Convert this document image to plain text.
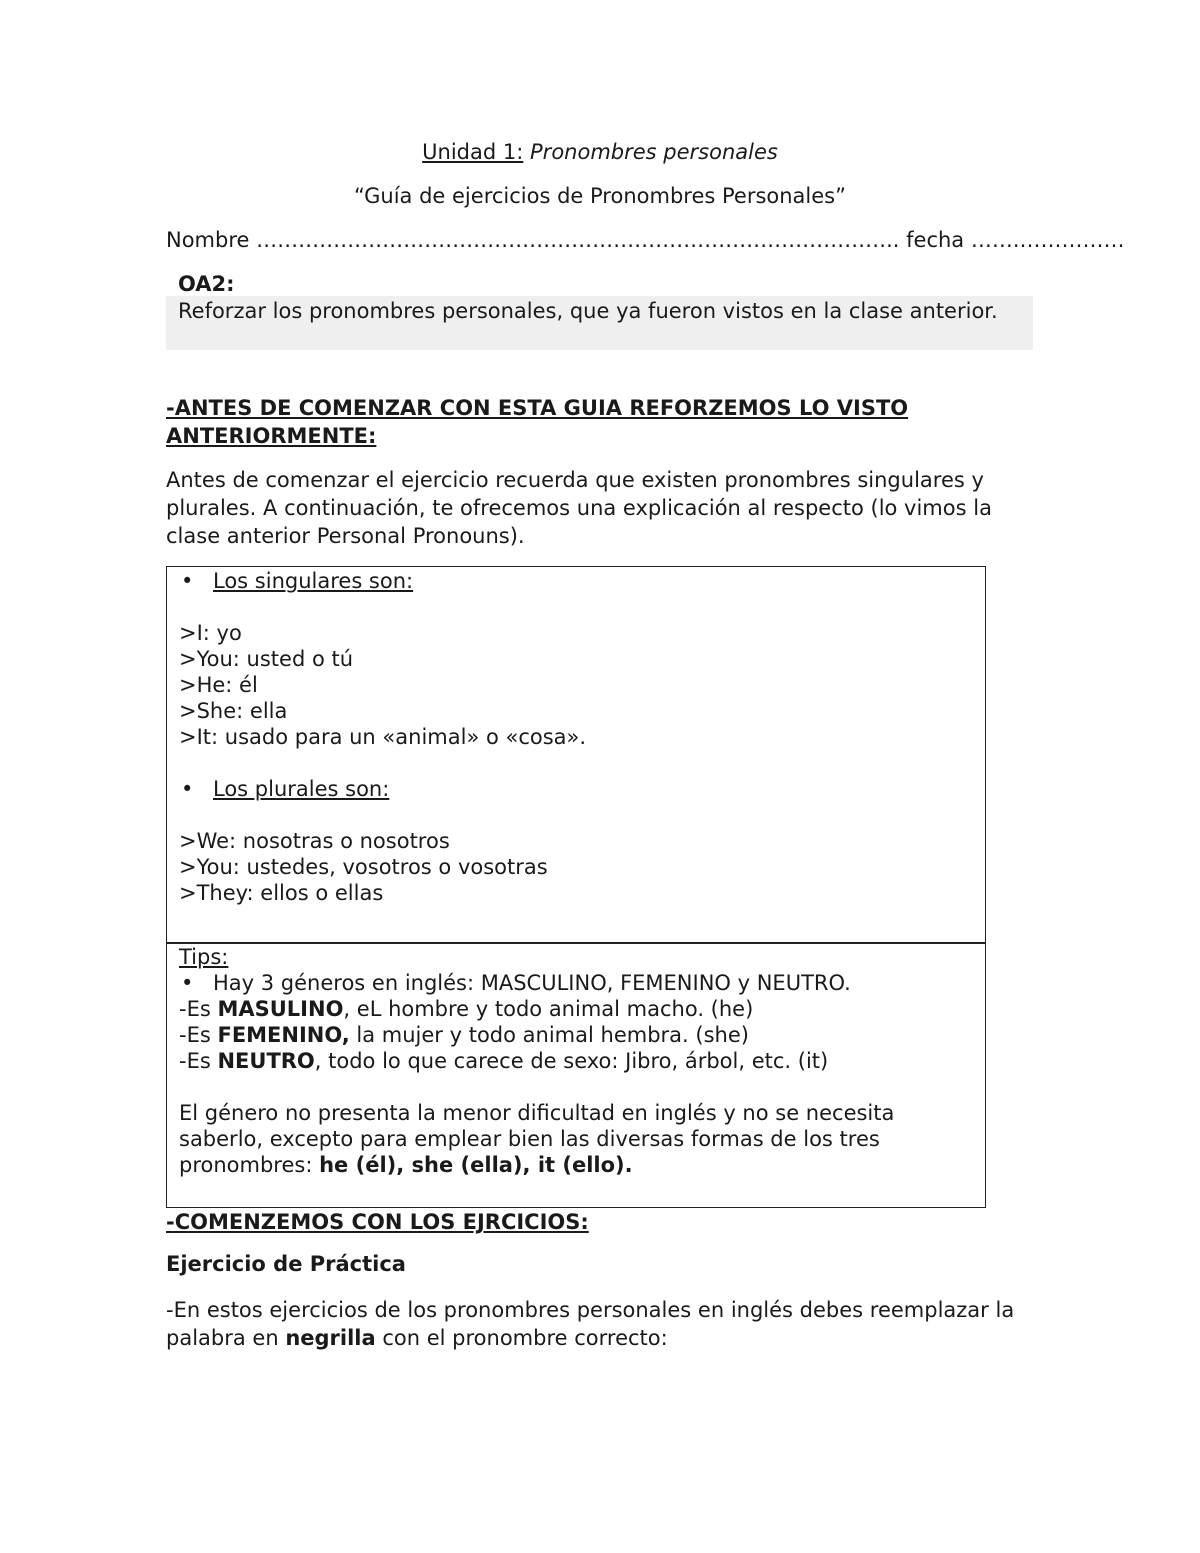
Unidad 1: Pronombres personales
“Guía de ejercicios de Pronombres Personales”
Nombre ……………………………………………………………………………….. fecha …….……………
OA2:
Reforzar los pronombres personales, que ya fueron vistos en la clase anterior.
-ANTES DE COMENZAR CON ESTA GUIA REFORZEMOS LO VISTO
ANTERIORMENTE:
Antes de comenzar el ejercicio recuerda que existen pronombres singulares y plurales. A continuación, te ofrecemos una explicación al respecto (lo vimos la clase anterior Personal Pronouns).
• Los singulares son:
>I: yo
>You: usted o tú
>He: él
>She: ella
>It: usado para un «animal» o «cosa».
• Los plurales son:
>We: nosotras o nosotros
>You: ustedes, vosotros o vosotras
>They: ellos o ellas
Tips:
• Hay 3 géneros en inglés: MASCULINO, FEMENINO y NEUTRO.
-Es MASULINO, eL hombre y todo animal macho. (he)
-Es FEMENINO, la mujer y todo animal hembra. (she)
-Es NEUTRO, todo lo que carece de sexo: Jibro, árbol, etc. (it)
El género no presenta la menor dificultad en inglés y no se necesita
saberlo, excepto para emplear bien las diversas formas de los tres
pronombres: he (él), she (ella), it (ello).
-COMENZEMOS CON LOS EJRCICIOS:
Ejercicio de Práctica
-En estos ejercicios de los pronombres personales en inglés debes reemplazar la palabra en negrilla con el pronombre correcto:
